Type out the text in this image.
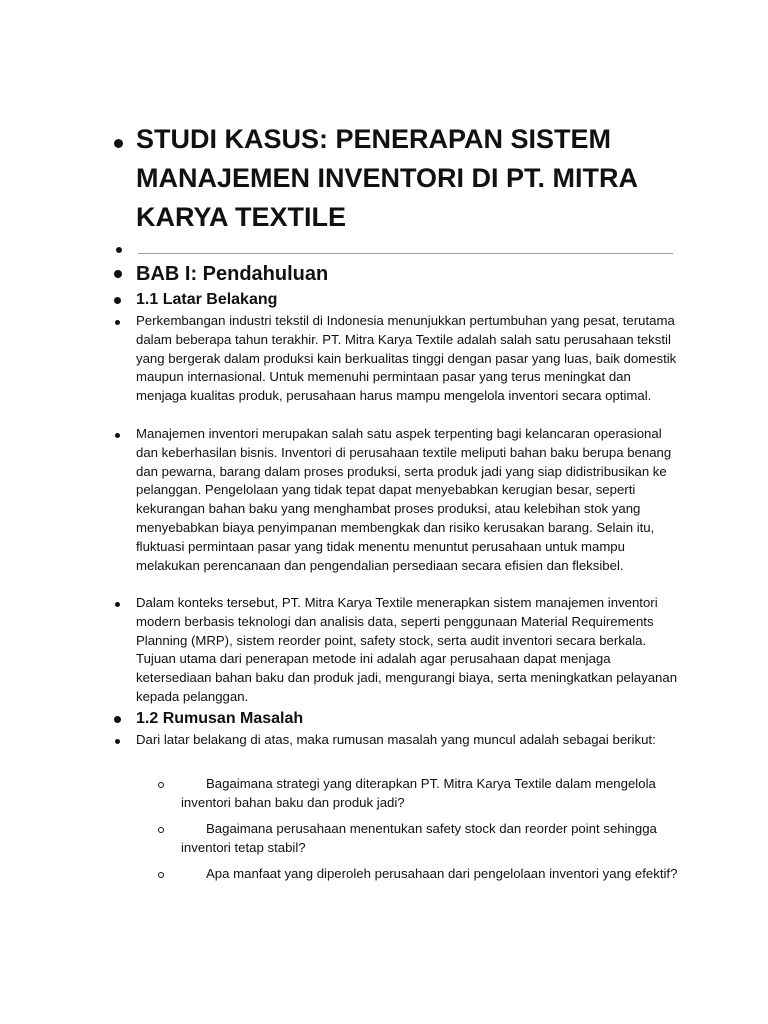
STUDI KASUS: PENERAPAN SISTEM MANAJEMEN INVENTORI DI PT. MITRA KARYA TEXTILE
BAB I: Pendahuluan
1.1 Latar Belakang
Perkembangan industri tekstil di Indonesia menunjukkan pertumbuhan yang pesat, terutama dalam beberapa tahun terakhir. PT. Mitra Karya Textile adalah salah satu perusahaan tekstil yang bergerak dalam produksi kain berkualitas tinggi dengan pasar yang luas, baik domestik maupun internasional. Untuk memenuhi permintaan pasar yang terus meningkat dan menjaga kualitas produk, perusahaan harus mampu mengelola inventori secara optimal.
Manajemen inventori merupakan salah satu aspek terpenting bagi kelancaran operasional dan keberhasilan bisnis. Inventori di perusahaan textile meliputi bahan baku berupa benang dan pewarna, barang dalam proses produksi, serta produk jadi yang siap didistribusikan ke pelanggan. Pengelolaan yang tidak tepat dapat menyebabkan kerugian besar, seperti kekurangan bahan baku yang menghambat proses produksi, atau kelebihan stok yang menyebabkan biaya penyimpanan membengkak dan risiko kerusakan barang. Selain itu, fluktuasi permintaan pasar yang tidak menentu menuntut perusahaan untuk mampu melakukan perencanaan dan pengendalian persediaan secara efisien dan fleksibel.
Dalam konteks tersebut, PT. Mitra Karya Textile menerapkan sistem manajemen inventori modern berbasis teknologi dan analisis data, seperti penggunaan Material Requirements Planning (MRP), sistem reorder point, safety stock, serta audit inventori secara berkala. Tujuan utama dari penerapan metode ini adalah agar perusahaan dapat menjaga ketersediaan bahan baku dan produk jadi, mengurangi biaya, serta meningkatkan pelayanan kepada pelanggan.
1.2 Rumusan Masalah
Dari latar belakang di atas, maka rumusan masalah yang muncul adalah sebagai berikut:
Bagaimana strategi yang diterapkan PT. Mitra Karya Textile dalam mengelola inventori bahan baku dan produk jadi?
Bagaimana perusahaan menentukan safety stock dan reorder point sehingga inventori tetap stabil?
Apa manfaat yang diperoleh perusahaan dari pengelolaan inventori yang efektif?
